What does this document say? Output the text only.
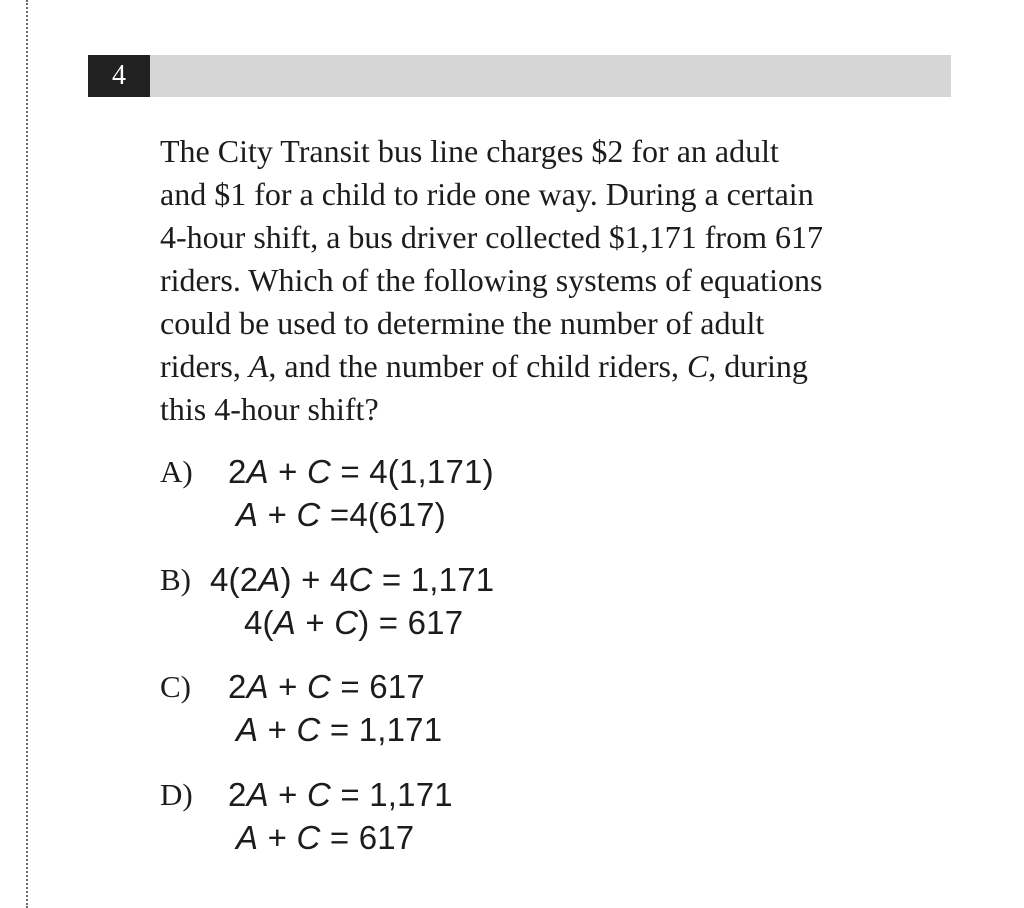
4
The City Transit bus line charges $2 for an adult
and $1 for a child to ride one way. During a certain
4-hour shift, a bus driver collected $1,171 from 617
riders. Which of the following systems of equations
could be used to determine the number of adult
riders, A, and the number of child riders, C, during
this 4-hour shift?
A) 2A + C = 4(1,171)
A + C =4(617)
B) 4(2A) + 4C = 1,171
4(A + C) = 617
C) 2A + C = 617
A + C = 1,171
D) 2A + C = 1,171
A + C = 617
